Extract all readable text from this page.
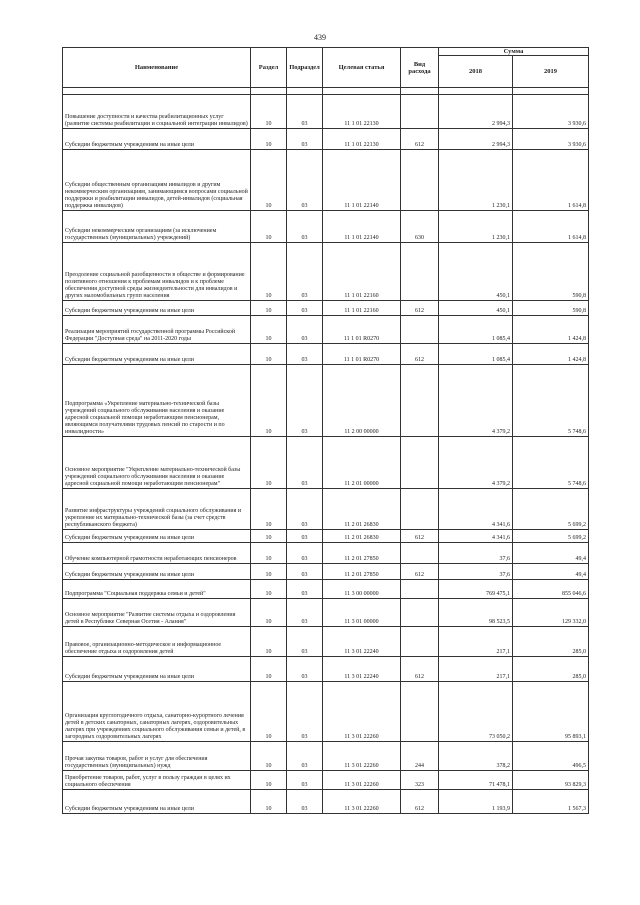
439
Наименование	Раздел	Подраздел	Целевая статья	Вид расхода	Сумма	
					2018	2019

Повышение доступности и качества реабилитационных услуг (развитие системы реабилитации и социальной интеграции инвалидов)	10	03	11 1 01 22130		2 994,3	3 930,6
Субсидии бюджетным учреждениям на иные цели	10	03	11 1 01 22130	612	2 994,3	3 930,6
Субсидии общественным организациям инвалидов и другим некоммерческим организациям, занимающимся вопросами социальной поддержки и реабилитации инвалидов, детей-инвалидов (социальная поддержка инвалидов)	10	03	11 1 01 22140		1 230,1	1 614,8
Субсидии некоммерческим организациям (за исключением государственных (муниципальных) учреждений)	10	03	11 1 01 22140	630	1 230,1	1 614,8
Преодоление социальной разобщенности в обществе и формирование позитивного отношения к проблемам инвалидов и к проблеме обеспечения доступной среды жизнедеятельности для инвалидов и других маломобильных групп населения	10	03	11 1 01 22160		450,1	590,8
Субсидии бюджетным учреждениям на иные цели	10	03	11 1 01 22160	612	450,1	590,8
Реализация мероприятий государственной программы Российской Федерации "Доступная среда" на 2011-2020 годы	10	03	11 1 01 R0270		1 085,4	1 424,8
Субсидии бюджетным учреждениям на иные цели	10	03	11 1 01 R0270	612	1 085,4	1 424,8
Подпрограмма «Укрепление материально-технической базы учреждений социального обслуживания населения и оказание адресной социальной помощи неработающим пенсионерам, являющимся получателями трудовых пенсий по старости и по инвалидности»	10	03	11 2 00 00000		4 379,2	5 748,6
Основное мероприятие "Укрепление материально-технической базы учреждений социального обслуживания населения и оказание адресной социальной помощи неработающим пенсионерам"	10	03	11 2 01 00000		4 379,2	5 748,6
Развитие инфраструктуры учреждений социального обслуживания и укрепление их материально-технической базы (за счет средств республиканского бюджета)	10	03	11 2 01 26830		4 341,6	5 699,2
Субсидии бюджетным учреждениям на иные цели	10	03	11 2 01 26830	612	4 341,6	5 699,2
Обучение компьютерной грамотности неработающих пенсионеров	10	03	11 2 01 27850		37,6	49,4
Субсидии бюджетным учреждениям на иные цели	10	03	11 2 01 27850	612	37,6	49,4
Подпрограмма "Социальная поддержка семьи и детей"	10	03	11 3 00 00000		769 475,1	855 046,6
Основное мероприятие "Развитие системы отдыха и оздоровления детей в Республике Северная Осетия - Алания"	10	03	11 3 01 00000		98 523,5	129 332,0
Правовое, организационно-методическое и информационное обеспечение отдыха и оздоровления детей	10	03	11 3 01 22240		217,1	285,0
Субсидии бюджетным учреждениям на иные цели	10	03	11 3 01 22240	612	217,1	285,0
Организация круглогодичного отдыха, санаторно-курортного лечения детей в детских санаторных, санаторных лагерях, оздоровительных лагерях при учреждениях социального обслуживания семьи и детей, в загородных оздоровительных лагерях	10	03	11 3 01 22260		73 050,2	95 893,1
Прочая закупка товаров, работ и услуг для обеспечения государственных (муниципальных) нужд	10	03	11 3 01 22260	244	378,2	496,5
Приобретение товаров, работ, услуг в пользу граждан в целях их социального обеспечения	10	03	11 3 01 22260	323	71 478,1	93 829,3
Субсидии бюджетным учреждениям на иные цели	10	03	11 3 01 22260	612	1 193,9	1 567,3
